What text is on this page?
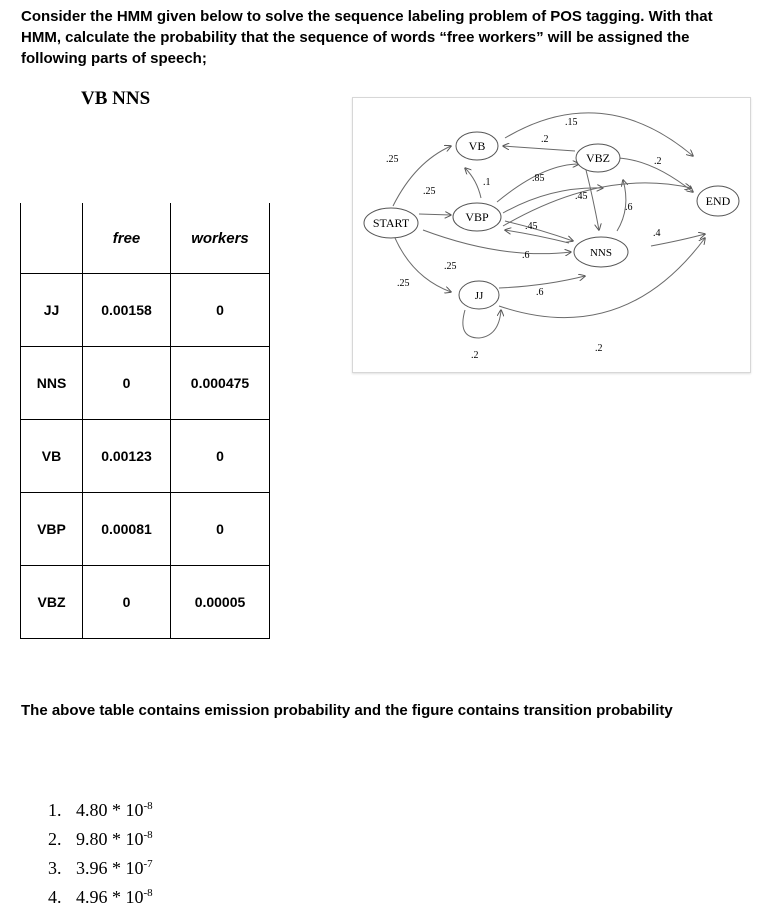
Consider the HMM given below to solve the sequence labeling problem of POS tagging. With that HMM, calculate the probability that the sequence of words “free workers” will be assigned the following parts of speech;
VB NNS
	free	workers
JJ	0.00158	0
NNS	0	0.000475
VB	0.00123	0
VBP	0.00081	0
VBZ	0	0.00005
START
VB
VBP
JJ
VBZ
NNS
END
.25
.25
.25
.25
.1
.2
.15
.2
.85
.45
.6
.45
.6
.6
.4
.2
.2
The above table contains emission probability and the figure contains transition probability
1. $4.80 * 10^{-8}$
2. $9.80 * 10^{-8}$
3. $3.96 * 10^{-7}$
4. $4.96 * 10^{-8}$
